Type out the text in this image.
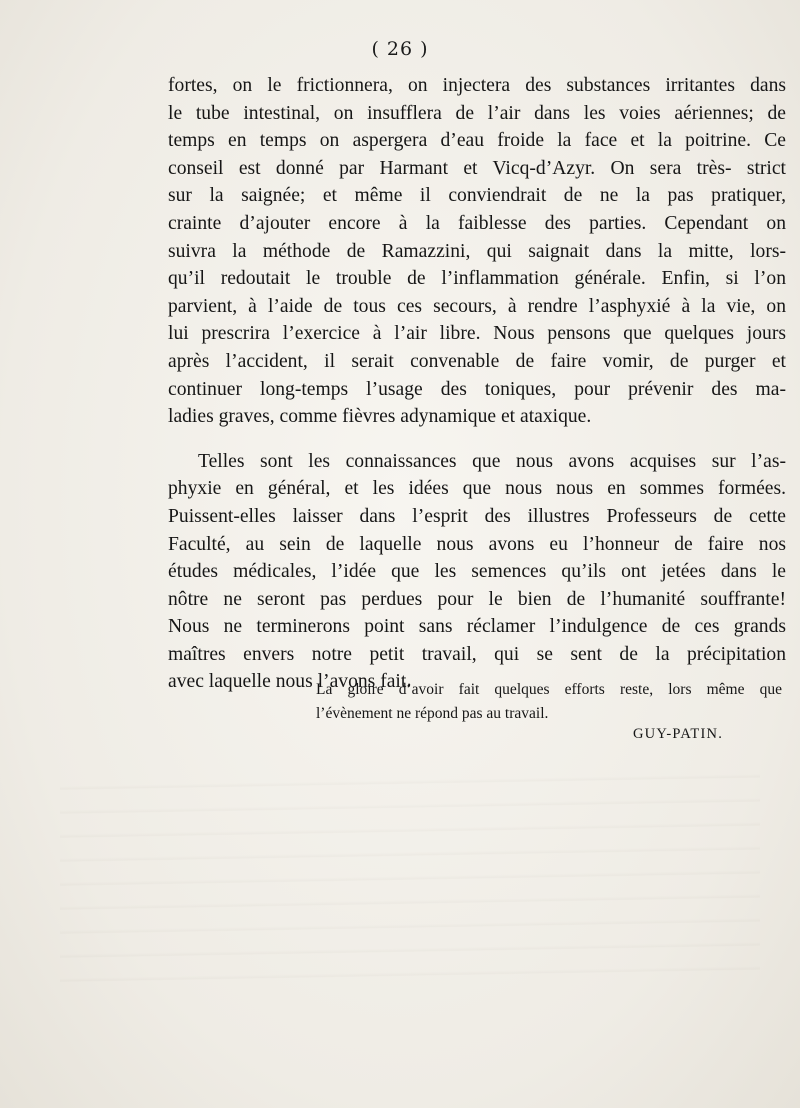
( 26 )

fortes, on le frictionnera, on injectera des substances irritantes dans

le tube intestinal, on insufflera de l’air dans les voies aériennes; de

temps en temps on aspergera d’eau froide la face et la poitrine. Ce

conseil est donné par Harmant et Vicq-d’Azyr. On sera très- strict

sur la saignée; et même il conviendrait de ne la pas pratiquer,

crainte d’ajouter encore à la faiblesse des parties. Cependant on

suivra la méthode de Ramazzini, qui saignait dans la mitte, lors-

qu’il redoutait le trouble de l’inflammation générale. Enfin, si l’on

parvient, à l’aide de tous ces secours, à rendre l’asphyxié à la vie, on

lui prescrira l’exercice à l’air libre. Nous pensons que quelques jours

après l’accident, il serait convenable de faire vomir, de purger et

continuer long-temps l’usage des toniques, pour prévenir des ma-

ladies graves, comme fièvres adynamique et ataxique.

Telles sont les connaissances que nous avons acquises sur l’as-

phyxie en général, et les idées que nous nous en sommes formées.

Puissent-elles laisser dans l’esprit des illustres Professeurs de cette

Faculté, au sein de laquelle nous avons eu l’honneur de faire nos

études médicales, l’idée que les semences qu’ils ont jetées dans le

nôtre ne seront pas perdues pour le bien de l’humanité souffrante!

Nous ne terminerons point sans réclamer l’indulgence de ces grands

maîtres envers notre petit travail, qui se sent de la précipitation

avec laquelle nous l’avons fait.

La gloire d’avoir fait quelques efforts reste, lors même que

l’évènement ne répond pas au travail.

GUY-PATIN.
